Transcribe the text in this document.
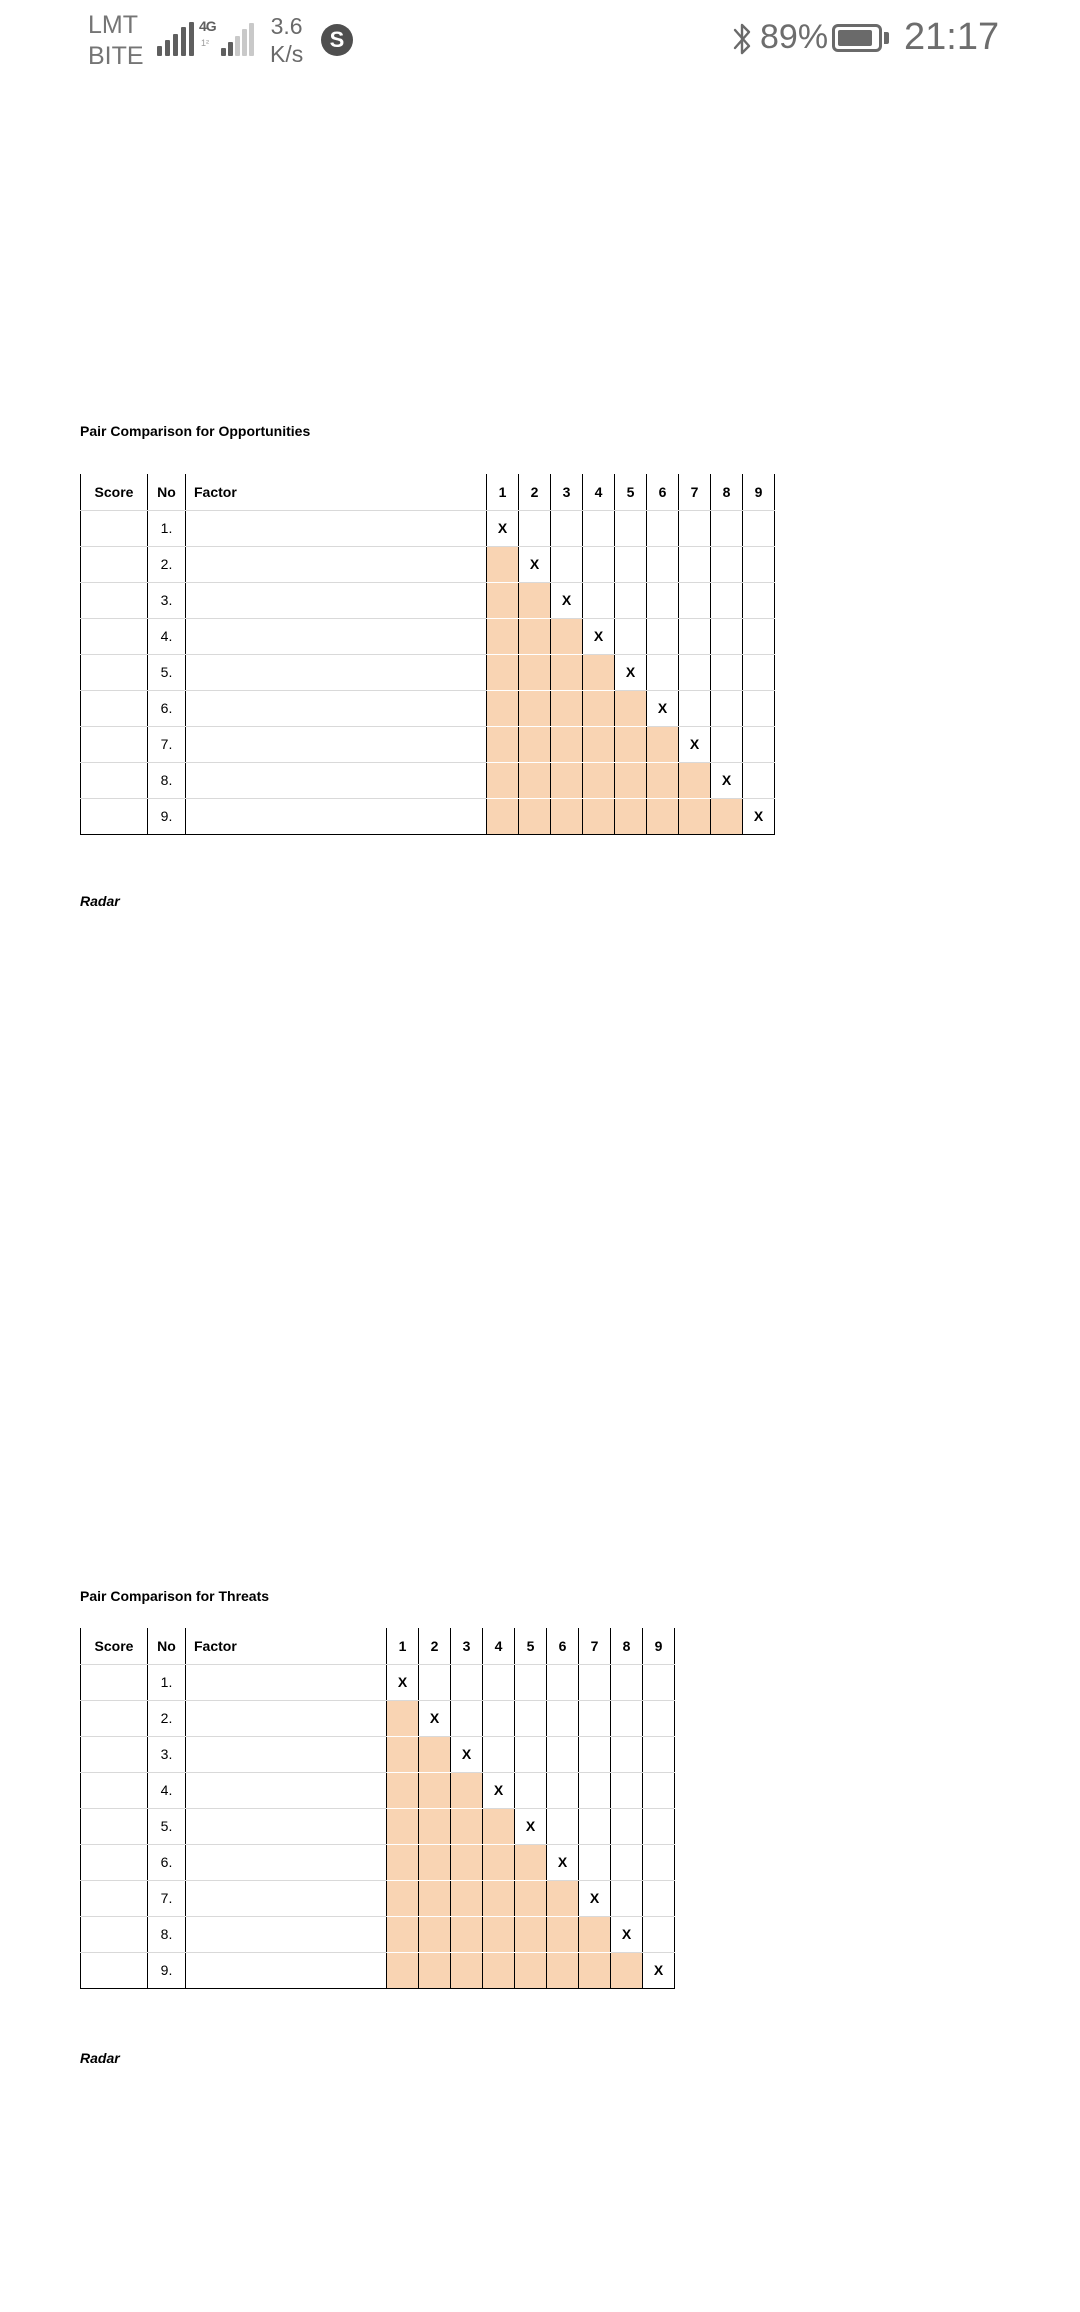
LMT
BITE
4G
1²
3.6
K/s
S	89% 21:17
Pair Comparison for Opportunities
Score	No	Factor	1	2	3	4	5	6	7	8	9
	1.		X								
	2.			X							
	3.				X						
	4.					X					
	5.						X				
	6.							X			
	7.								X		
	8.									X	
	9.										X
Radar
Pair Comparison for Threats
Score	No	Factor	1	2	3	4	5	6	7	8	9
	1.		X								
	2.			X							
	3.				X						
	4.					X					
	5.						X				
	6.							X			
	7.								X		
	8.									X	
	9.										X
Radar
